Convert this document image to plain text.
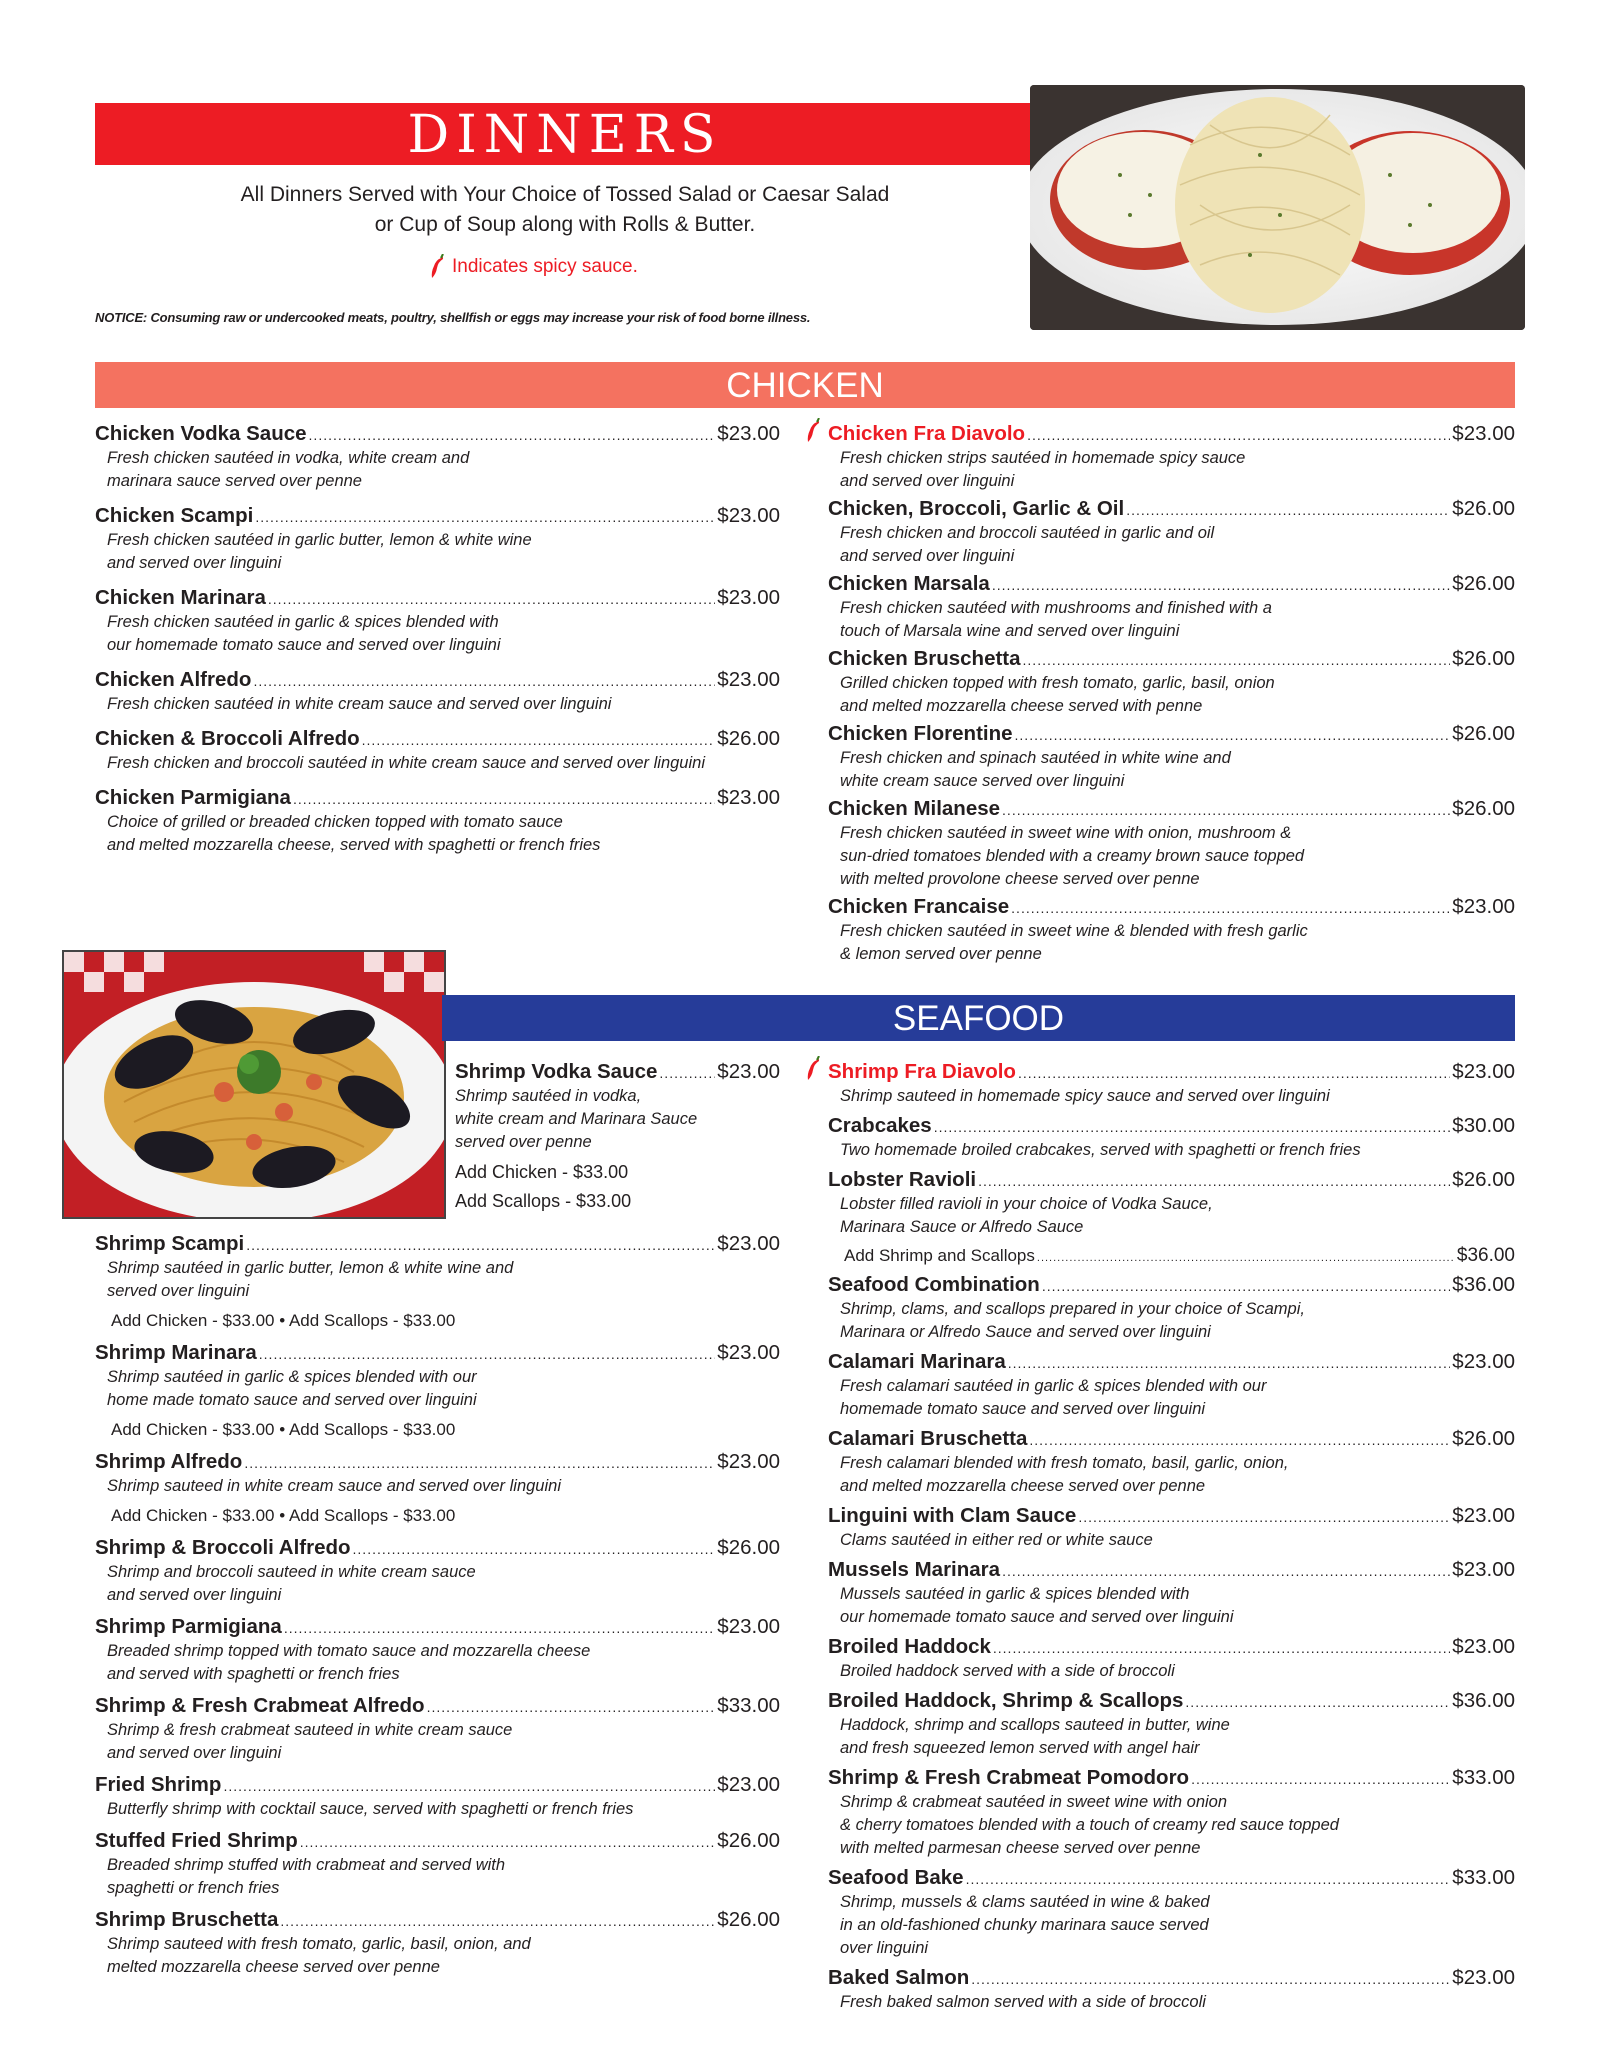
DINNERS
All Dinners Served with Your Choice of Tossed Salad or Caesar Salad
or Cup of Soup along with Rolls & Butter.
Indicates spicy sauce.
NOTICE: Consuming raw or undercooked meats, poultry, shellfish or eggs may increase your risk of food borne illness.
CHICKEN
Chicken Vodka Sauce .....	$23.00
Fresh chicken sautéed in vodka, white cream and
marinara sauce served over penne
Chicken Scampi .....	$23.00
Fresh chicken sautéed in garlic butter, lemon & white wine
and served over linguini
Chicken Marinara .....	$23.00
Fresh chicken sautéed in garlic & spices blended with
our homemade tomato sauce and served over linguini
Chicken Alfredo .....	$23.00
Fresh chicken sautéed in white cream sauce and served over linguini
Chicken & Broccoli Alfredo .....	$26.00
Fresh chicken and broccoli sautéed in white cream sauce and served over linguini
Chicken Parmigiana .....	$23.00
Choice of grilled or breaded chicken topped with tomato sauce
and melted mozzarella cheese, served with spaghetti or french fries
Chicken Fra Diavolo .....	$23.00
Fresh chicken strips sautéed in homemade spicy sauce
and served over linguini
Chicken, Broccoli, Garlic & Oil .....	$26.00
Fresh chicken and broccoli sautéed in garlic and oil
and served over linguini
Chicken Marsala .....	$26.00
Fresh chicken sautéed with mushrooms and finished with a
touch of Marsala wine and served over linguini
Chicken Bruschetta .....	$26.00
Grilled chicken topped with fresh tomato, garlic, basil, onion
and melted mozzarella cheese served with penne
Chicken Florentine .....	$26.00
Fresh chicken and spinach sautéed in white wine and
white cream sauce served over linguini
Chicken Milanese .....	$26.00
Fresh chicken sautéed in sweet wine with onion, mushroom &
sun-dried tomatoes blended with a creamy brown sauce topped
with melted provolone cheese served over penne
Chicken Francaise .....	$23.00
Fresh chicken sautéed in sweet wine & blended with fresh garlic
& lemon served over penne
SEAFOOD
Shrimp Vodka Sauce .....	$23.00
Shrimp sautéed in vodka,
white cream and Marinara Sauce
served over penne
Add Chicken - $33.00
Add Scallops - $33.00
Shrimp Scampi .....	$23.00
Shrimp sautéed in garlic butter, lemon & white wine and
served over linguini
Add Chicken - $33.00 • Add Scallops - $33.00
Shrimp Marinara .....	$23.00
Shrimp sautéed in garlic & spices blended with our
home made tomato sauce and served over linguini
Add Chicken - $33.00 • Add Scallops - $33.00
Shrimp Alfredo .....	$23.00
Shrimp sauteed in white cream sauce and served over linguini
Add Chicken - $33.00 • Add Scallops - $33.00
Shrimp & Broccoli Alfredo .....	$26.00
Shrimp and broccoli sauteed in white cream sauce
and served over linguini
Shrimp Parmigiana .....	$23.00
Breaded shrimp topped with tomato sauce and mozzarella cheese
and served with spaghetti or french fries
Shrimp & Fresh Crabmeat Alfredo .....	$33.00
Shrimp & fresh crabmeat sauteed in white cream sauce
and served over linguini
Fried Shrimp .....	$23.00
Butterfly shrimp with cocktail sauce, served with spaghetti or french fries
Stuffed Fried Shrimp .....	$26.00
Breaded shrimp stuffed with crabmeat and served with
spaghetti or french fries
Shrimp Bruschetta .....	$26.00
Shrimp sauteed with fresh tomato, garlic, basil, onion, and
melted mozzarella cheese served over penne
Shrimp Fra Diavolo .....	$23.00
Shrimp sauteed in homemade spicy sauce and served over linguini
Crabcakes .....	$30.00
Two homemade broiled crabcakes, served with spaghetti or french fries
Lobster Ravioli .....	$26.00
Lobster filled ravioli in your choice of Vodka Sauce,
Marinara Sauce or Alfredo Sauce
Add Shrimp and Scallops .....	$36.00
Seafood Combination .....	$36.00
Shrimp, clams, and scallops prepared in your choice of Scampi,
Marinara or Alfredo Sauce and served over linguini
Calamari Marinara .....	$23.00
Fresh calamari sautéed in garlic & spices blended with our
homemade tomato sauce and served over linguini
Calamari Bruschetta .....	$26.00
Fresh calamari blended with fresh tomato, basil, garlic, onion,
and melted mozzarella cheese served over penne
Linguini with Clam Sauce .....	$23.00
Clams sautéed in either red or white sauce
Mussels Marinara .....	$23.00
Mussels sautéed in garlic & spices blended with
our homemade tomato sauce and served over linguini
Broiled Haddock .....	$23.00
Broiled haddock served with a side of broccoli
Broiled Haddock, Shrimp & Scallops .....	$36.00
Haddock, shrimp and scallops sauteed in butter, wine
and fresh squeezed lemon served with angel hair
Shrimp & Fresh Crabmeat Pomodoro .....	$33.00
Shrimp & crabmeat sautéed in sweet wine with onion
& cherry tomatoes blended with a touch of creamy red sauce topped
with melted parmesan cheese served over penne
Seafood Bake .....	$33.00
Shrimp, mussels & clams sautéed in wine & baked
in an old-fashioned chunky marinara sauce served
over linguini
Baked Salmon .....	$23.00
Fresh baked salmon served with a side of broccoli
